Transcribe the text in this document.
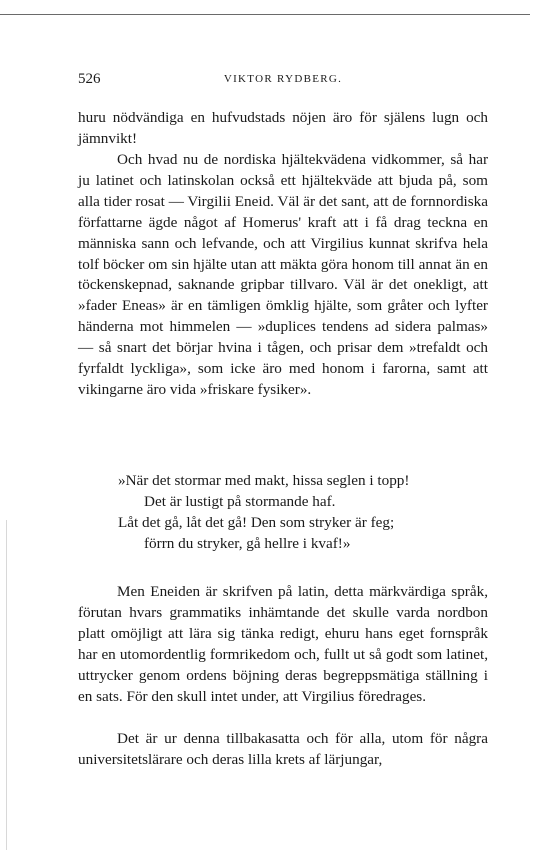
526	VIKTOR RYDBERG.

huru nödvändiga en hufvudstads nöjen äro för själens lugn och jämnvikt!

Och hvad nu de nordiska hjältekvädena vidkommer, så har ju latinet och latinskolan också ett hjältekväde att bjuda på, som alla tider rosat — Virgilii Eneid. Väl är det sant, att de fornnordiska författarne ägde något af Homerus' kraft att i få drag teckna en människa sann och lefvande, och att Virgilius kunnat skrifva hela tolf böcker om sin hjälte utan att mäkta göra honom till annat än en töckenskepnad, saknande gripbar tillvaro. Väl är det onekligt, att »fader Eneas» är en tämligen ömklig hjälte, som gråter och lyfter händerna mot himmelen — »duplices tendens ad sidera palmas» — så snart det börjar hvina i tågen, och prisar dem »trefaldt och fyrfaldt lyckliga», som icke äro med honom i farorna, samt att vikingarne äro vida »friskare fysiker».

»När det stormar med makt, hissa seglen i topp!
Det är lustigt på stormande haf.
Låt det gå, låt det gå! Den som stryker är feg;
förrn du stryker, gå hellre i kvaf!»

Men Eneiden är skrifven på latin, detta märkvärdiga språk, förutan hvars grammatiks inhämtande det skulle varda nordbon platt omöjligt att lära sig tänka redigt, ehuru hans eget fornspråk har en utomordentlig formrikedom och, fullt ut så godt som latinet, uttrycker genom ordens böjning deras begreppsmätiga ställning i en sats. För den skull intet under, att Virgilius föredrages.

Det är ur denna tillbakasatta och för alla, utom för några universitetslärare och deras lilla krets af lärjungar,
